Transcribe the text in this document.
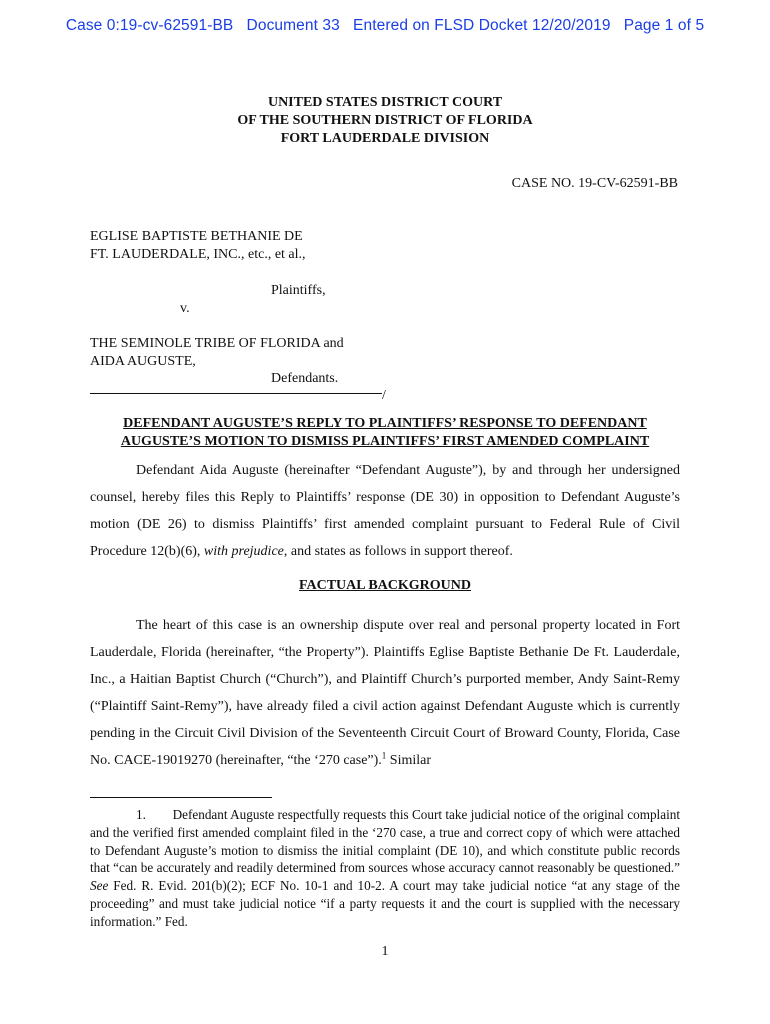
Case 0:19-cv-62591-BB   Document 33   Entered on FLSD Docket 12/20/2019   Page 1 of 5
UNITED STATES DISTRICT COURT
OF THE SOUTHERN DISTRICT OF FLORIDA
FORT LAUDERDALE DIVISION
CASE NO. 19-CV-62591-BB
EGLISE BAPTISTE BETHANIE DE
FT. LAUDERDALE, INC., etc., et al.,
Plaintiffs,
v.
THE SEMINOLE TRIBE OF FLORIDA and
AIDA AUGUSTE,
Defendants.
/
DEFENDANT AUGUSTE’S REPLY TO PLAINTIFFS’ RESPONSE TO DEFENDANT
AUGUSTE’S MOTION TO DISMISS PLAINTIFFS’ FIRST AMENDED COMPLAINT

Defendant Aida Auguste (hereinafter “Defendant Auguste”), by and through her undersigned counsel, hereby files this Reply to Plaintiffs’ response (DE 30) in opposition to Defendant Auguste’s motion (DE 26) to dismiss Plaintiffs’ first amended complaint pursuant to Federal Rule of Civil Procedure 12(b)(6), with prejudice, and states as follows in support thereof.

FACTUAL BACKGROUND

The heart of this case is an ownership dispute over real and personal property located in Fort Lauderdale, Florida (hereinafter, “the Property”). Plaintiffs Eglise Baptiste Bethanie De Ft. Lauderdale, Inc., a Haitian Baptist Church (“Church”), and Plaintiff Church’s purported member, Andy Saint-Remy (“Plaintiff Saint-Remy”), have already filed a civil action against Defendant Auguste which is currently pending in the Circuit Civil Division of the Seventeenth Circuit Court of Broward County, Florida, Case No. CACE-19019270 (hereinafter, “the ‘270 case”).$^1$ Similar

1. Defendant Auguste respectfully requests this Court take judicial notice of the original complaint and the verified first amended complaint filed in the ‘270 case, a true and correct copy of which were attached to Defendant Auguste’s motion to dismiss the initial complaint (DE 10), and which constitute public records that “can be accurately and readily determined from sources whose accuracy cannot reasonably be questioned.” See Fed. R. Evid. 201(b)(2); ECF No. 10-1 and 10-2. A court may take judicial notice “at any stage of the proceeding” and must take judicial notice “if a party requests it and the court is supplied with the necessary information.” Fed.

1
